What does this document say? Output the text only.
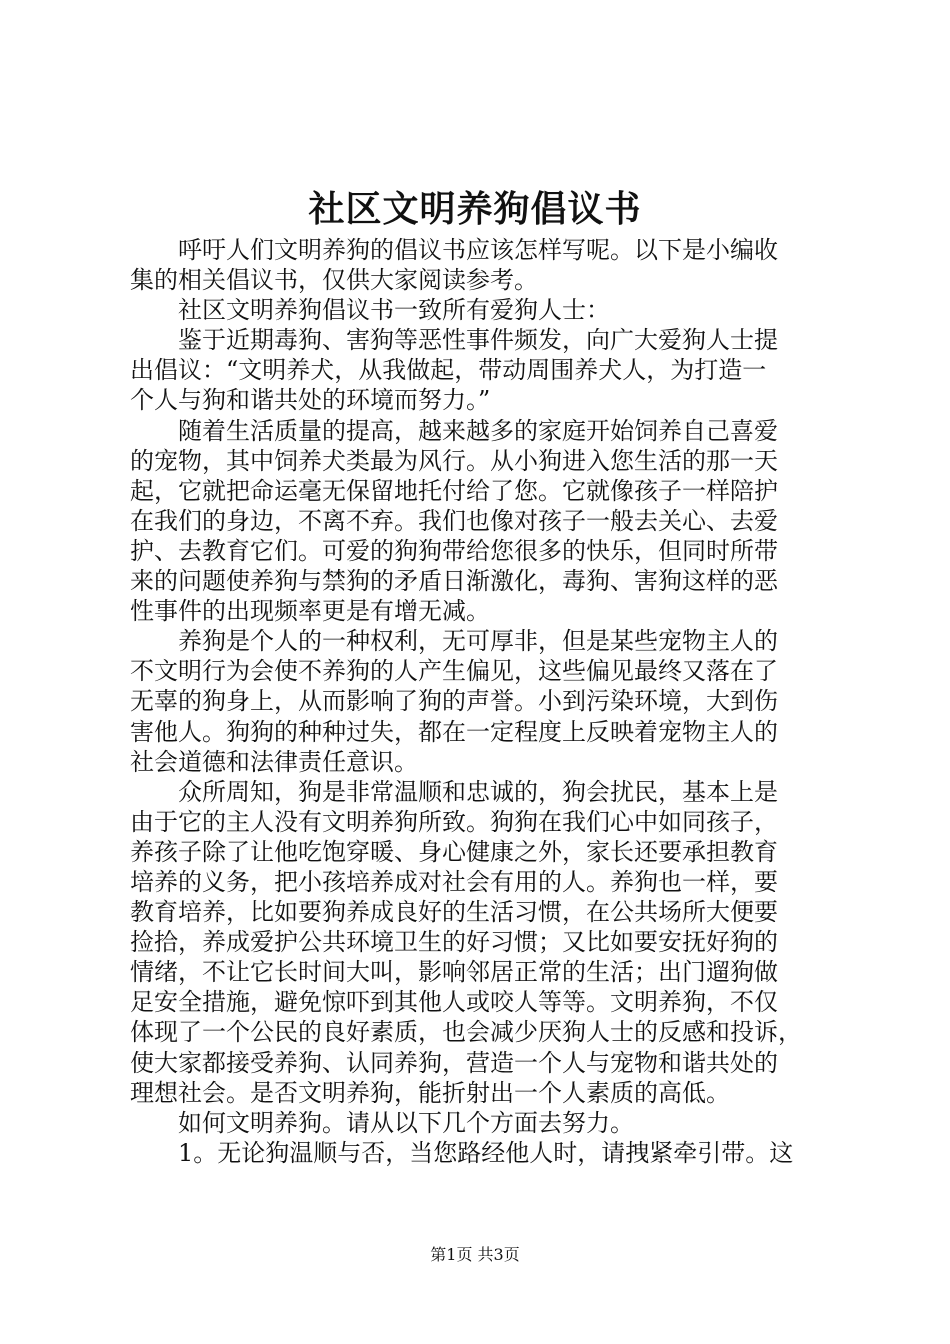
社区文明养狗倡议书
　　呼吁人们文明养狗的倡议书应该怎样写呢。以下是小编收
集的相关倡议书，仅供大家阅读参考。
　　社区文明养狗倡议书一致所有爱狗人士：
　　鉴于近期毒狗、害狗等恶性事件频发，向广大爱狗人士提
出倡议：“文明养犬，从我做起，带动周围养犬人，为打造一
个人与狗和谐共处的环境而努力。”
　　随着生活质量的提高，越来越多的家庭开始饲养自己喜爱
的宠物，其中饲养犬类最为风行。从小狗进入您生活的那一天
起，它就把命运毫无保留地托付给了您。它就像孩子一样陪护
在我们的身边，不离不弃。我们也像对孩子一般去关心、去爱
护、去教育它们。可爱的狗狗带给您很多的快乐，但同时所带
来的问题使养狗与禁狗的矛盾日渐激化，毒狗、害狗这样的恶
性事件的出现频率更是有增无减。
　　养狗是个人的一种权利，无可厚非，但是某些宠物主人的
不文明行为会使不养狗的人产生偏见，这些偏见最终又落在了
无辜的狗身上，从而影响了狗的声誉。小到污染环境，大到伤
害他人。狗狗的种种过失，都在一定程度上反映着宠物主人的
社会道德和法律责任意识。
　　众所周知，狗是非常温顺和忠诚的，狗会扰民，基本上是
由于它的主人没有文明养狗所致。狗狗在我们心中如同孩子，
养孩子除了让他吃饱穿暖、身心健康之外，家长还要承担教育
培养的义务，把小孩培养成对社会有用的人。养狗也一样，要
教育培养，比如要狗养成良好的生活习惯，在公共场所大便要
捡拾，养成爱护公共环境卫生的好习惯；又比如要安抚好狗的
情绪，不让它长时间大叫，影响邻居正常的生活；出门遛狗做
足安全措施，避免惊吓到其他人或咬人等等。文明养狗，不仅
体现了一个公民的良好素质，也会减少厌狗人士的反感和投诉，
使大家都接受养狗、认同养狗，营造一个人与宠物和谐共处的
理想社会。是否文明养狗，能折射出一个人素质的高低。
　　如何文明养狗。请从以下几个方面去努力。
　　1。无论狗温顺与否，当您路经他人时，请拽紧牵引带。这
第1页 共3页
